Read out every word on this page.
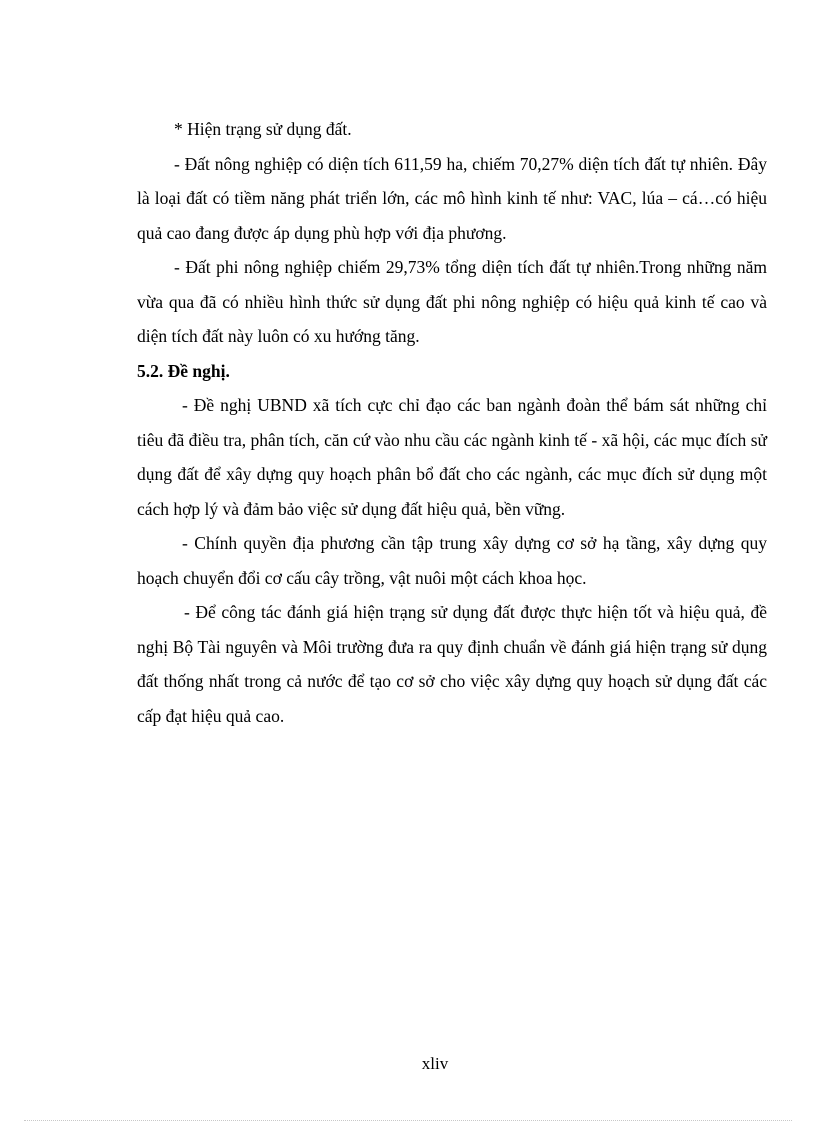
* Hiện trạng sử dụng đất.

- Đất nông nghiệp có diện tích 611,59 ha, chiếm 70,27% diện tích đất tự nhiên. Đây là loại đất có tiềm năng phát triển lớn, các mô hình kinh tế như: VAC, lúa – cá…có hiệu quả cao đang được áp dụng phù hợp với địa phương.

- Đất phi nông nghiệp chiếm 29,73% tổng diện tích đất tự nhiên.Trong những năm vừa qua đã có nhiều hình thức sử dụng đất phi nông nghiệp có hiệu quả kinh tế cao và diện tích đất này luôn có xu hướng tăng.

5.2. Đề nghị.

- Đề nghị UBND xã tích cực chỉ đạo các ban ngành đoàn thể bám sát những chỉ tiêu đã điều tra, phân tích, căn cứ vào nhu cầu các ngành kinh tế - xã hội, các mục đích sử dụng đất để xây dựng quy hoạch phân bổ đất cho các ngành, các mục đích sử dụng một cách hợp lý và đảm bảo việc sử dụng đất hiệu quả, bền vững.

- Chính quyền địa phương cần tập trung xây dựng cơ sở hạ tầng, xây dựng quy hoạch chuyển đổi cơ cấu cây trồng, vật nuôi một cách khoa học.

- Để công tác đánh giá hiện trạng sử dụng đất được thực hiện tốt và hiệu quả, đề nghị Bộ Tài nguyên và Môi trường đưa ra quy định chuẩn về đánh giá hiện trạng sử dụng đất thống nhất trong cả nước để tạo cơ sở cho việc xây dựng quy hoạch sử dụng đất các cấp đạt hiệu quả cao.

xliv
